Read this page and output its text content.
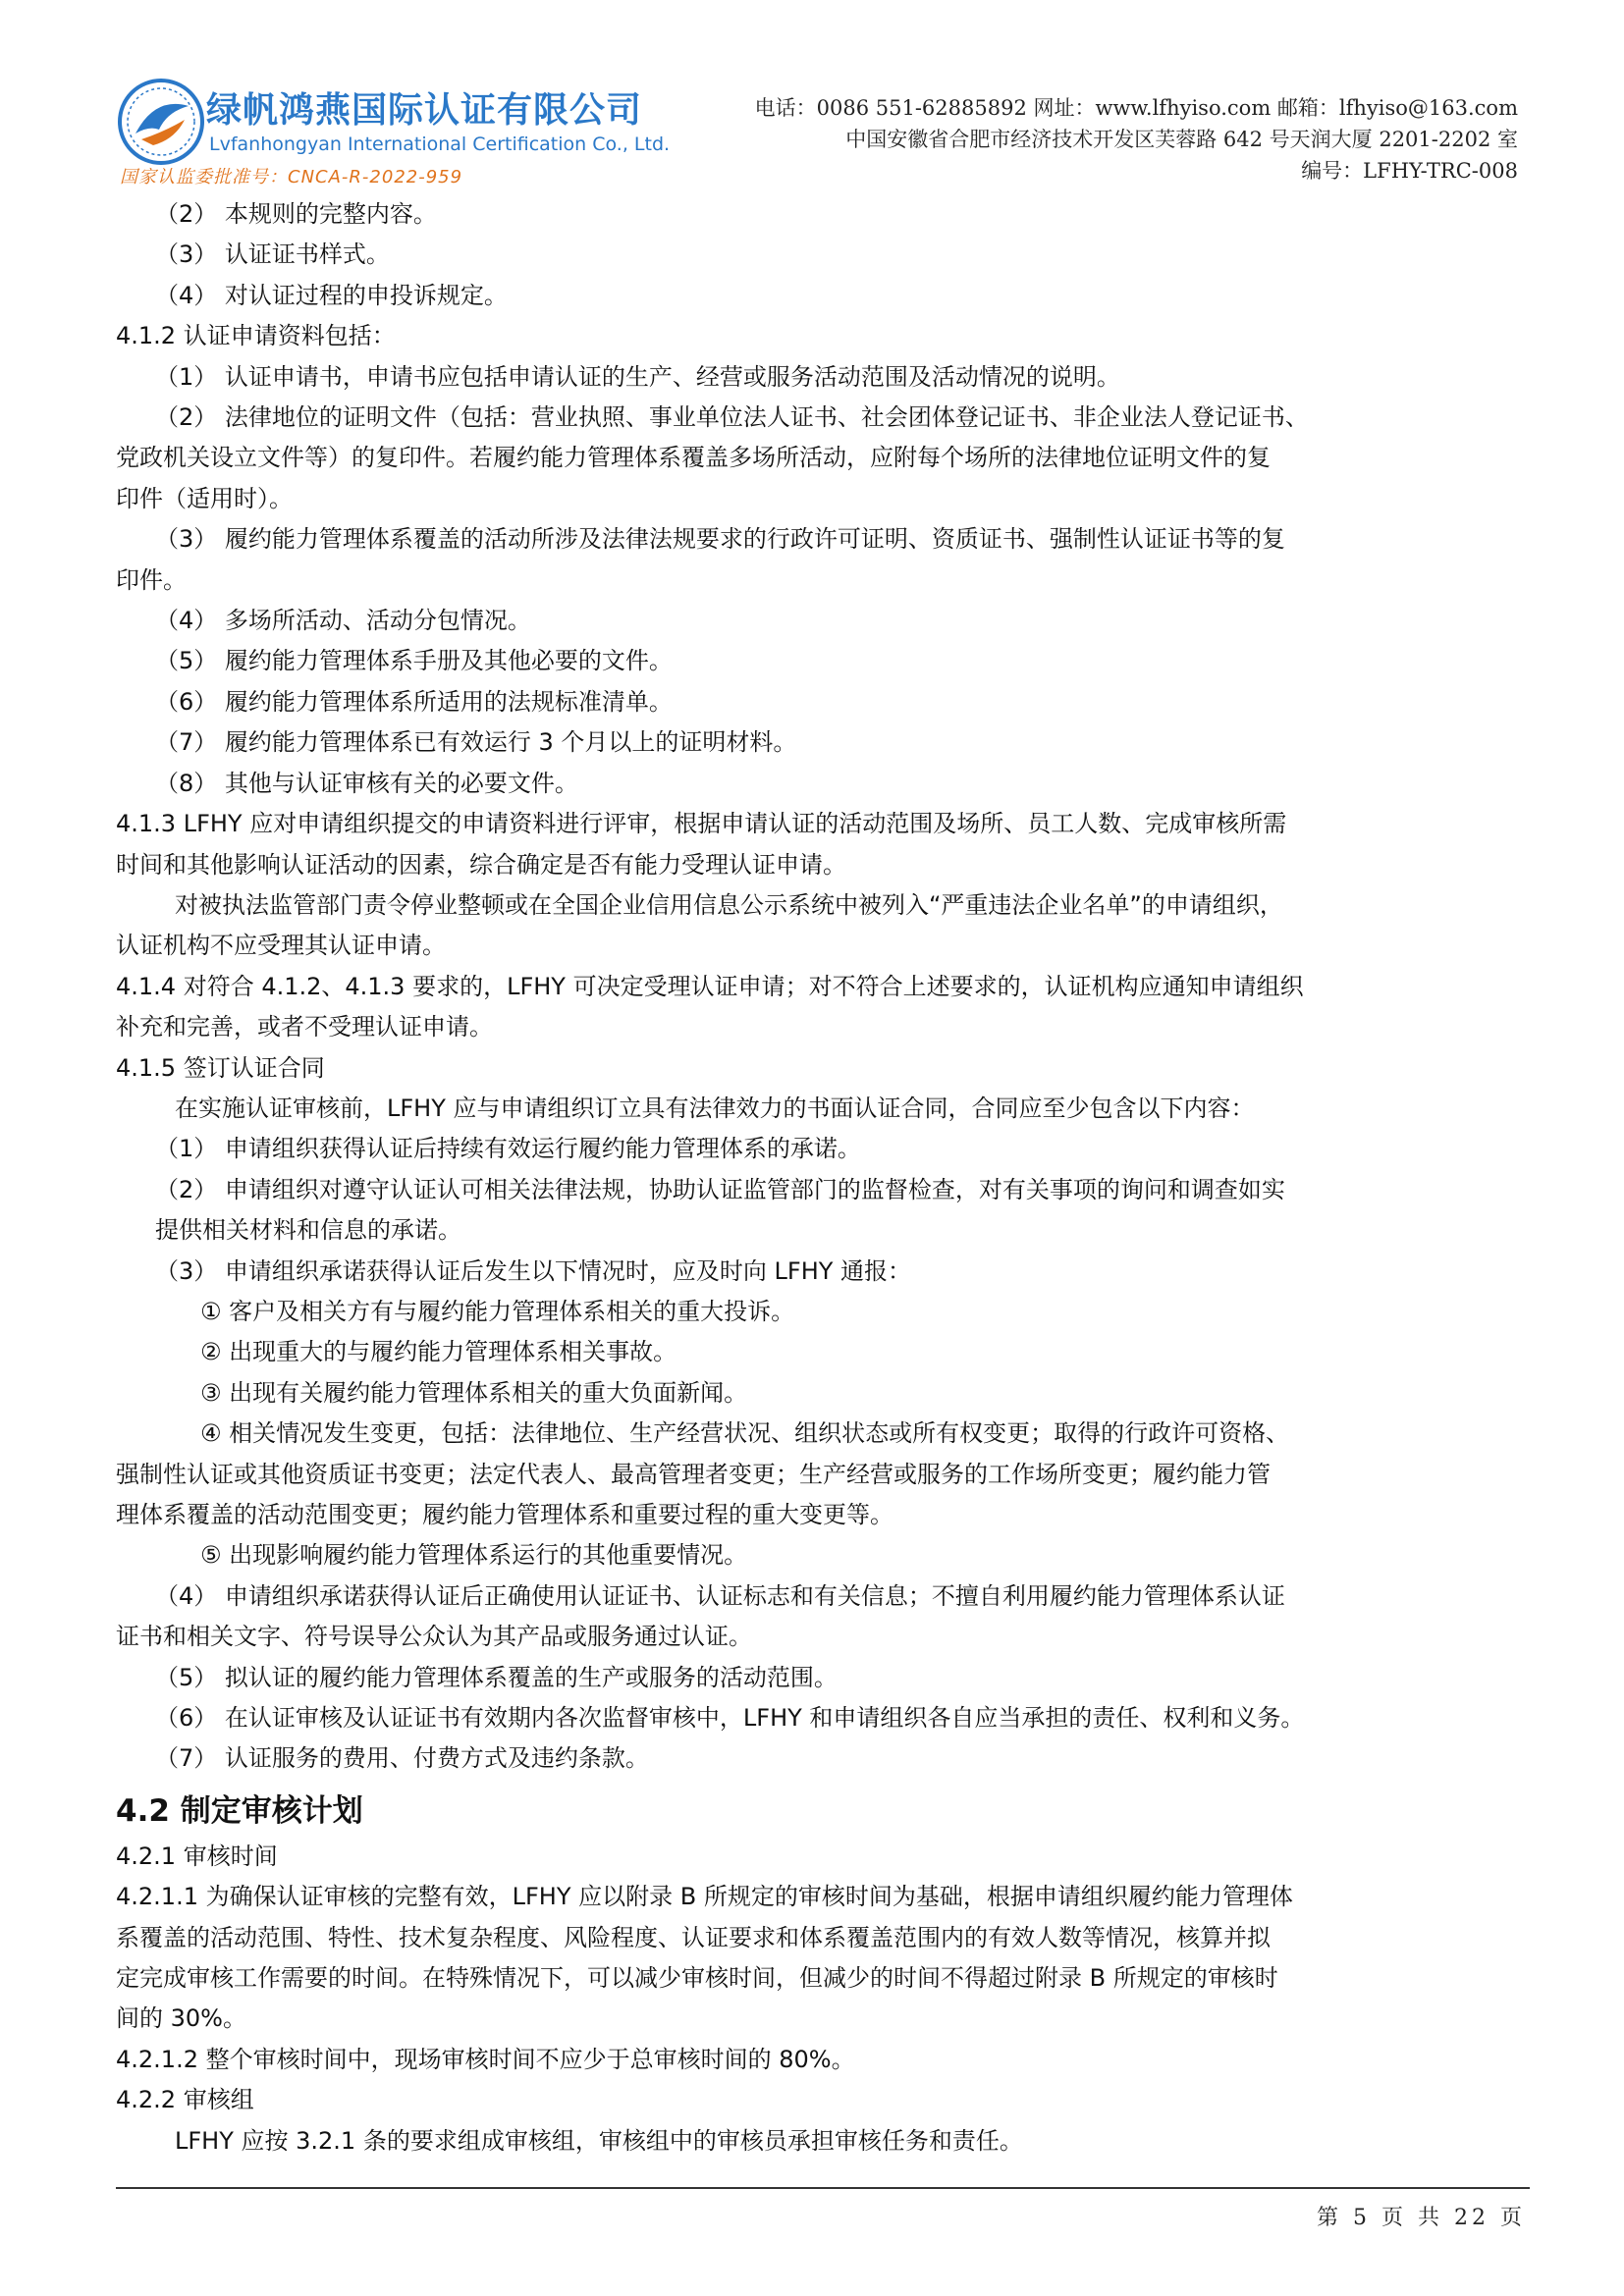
绿帆鸿燕国际认证有限公司
Lvfanhongyan International Certification Co., Ltd.
国家认监委批准号：CNCA-R-2022-959
电话：0086 551-62885892 网址：www.lfhyiso.com 邮箱：lfhyiso@163.com
中国安徽省合肥市经济技术开发区芙蓉路 642 号天润大厦 2201-2202 室
编号：LFHY-TRC-008

（2） 本规则的完整内容。

（3） 认证证书样式。

（4） 对认证过程的申投诉规定。

4.1.2 认证申请资料包括：

（1） 认证申请书，申请书应包括申请认证的生产、经营或服务活动范围及活动情况的说明。

（2） 法律地位的证明文件（包括：营业执照、事业单位法人证书、社会团体登记证书、非企业法人登记证书、

党政机关设立文件等）的复印件。若履约能力管理体系覆盖多场所活动，应附每个场所的法律地位证明文件的复

印件（适用时）。

（3） 履约能力管理体系覆盖的活动所涉及法律法规要求的行政许可证明、资质证书、强制性认证证书等的复

印件。

（4） 多场所活动、活动分包情况。

（5） 履约能力管理体系手册及其他必要的文件。

（6） 履约能力管理体系所适用的法规标准清单。

（7） 履约能力管理体系已有效运行 3 个月以上的证明材料。

（8） 其他与认证审核有关的必要文件。

4.1.3 LFHY 应对申请组织提交的申请资料进行评审，根据申请认证的活动范围及场所、员工人数、完成审核所需

时间和其他影响认证活动的因素，综合确定是否有能力受理认证申请。

对被执法监管部门责令停业整顿或在全国企业信用信息公示系统中被列入“严重违法企业名单”的申请组织，

认证机构不应受理其认证申请。

4.1.4 对符合 4.1.2、4.1.3 要求的，LFHY 可决定受理认证申请；对不符合上述要求的，认证机构应通知申请组织

补充和完善，或者不受理认证申请。

4.1.5 签订认证合同

在实施认证审核前，LFHY 应与申请组织订立具有法律效力的书面认证合同，合同应至少包含以下内容：

（1） 申请组织获得认证后持续有效运行履约能力管理体系的承诺。

（2） 申请组织对遵守认证认可相关法律法规，协助认证监管部门的监督检查，对有关事项的询问和调查如实

提供相关材料和信息的承诺。

（3） 申请组织承诺获得认证后发生以下情况时，应及时向 LFHY 通报：

① 客户及相关方有与履约能力管理体系相关的重大投诉。

② 出现重大的与履约能力管理体系相关事故。

③ 出现有关履约能力管理体系相关的重大负面新闻。

④ 相关情况发生变更，包括：法律地位、生产经营状况、组织状态或所有权变更；取得的行政许可资格、

强制性认证或其他资质证书变更；法定代表人、最高管理者变更；生产经营或服务的工作场所变更；履约能力管

理体系覆盖的活动范围变更；履约能力管理体系和重要过程的重大变更等。

⑤ 出现影响履约能力管理体系运行的其他重要情况。

（4） 申请组织承诺获得认证后正确使用认证证书、认证标志和有关信息；不擅自利用履约能力管理体系认证

证书和相关文字、符号误导公众认为其产品或服务通过认证。

（5） 拟认证的履约能力管理体系覆盖的生产或服务的活动范围。

（6） 在认证审核及认证证书有效期内各次监督审核中，LFHY 和申请组织各自应当承担的责任、权利和义务。

（7） 认证服务的费用、付费方式及违约条款。

4.2 制定审核计划

4.2.1 审核时间

4.2.1.1 为确保认证审核的完整有效，LFHY 应以附录 B 所规定的审核时间为基础，根据申请组织履约能力管理体

系覆盖的活动范围、特性、技术复杂程度、风险程度、认证要求和体系覆盖范围内的有效人数等情况，核算并拟

定完成审核工作需要的时间。在特殊情况下，可以减少审核时间，但减少的时间不得超过附录 B 所规定的审核时

间的 30%。

4.2.1.2 整个审核时间中，现场审核时间不应少于总审核时间的 80%。

4.2.2 审核组

LFHY 应按 3.2.1 条的要求组成审核组，审核组中的审核员承担审核任务和责任。

第 5 页 共 22 页
